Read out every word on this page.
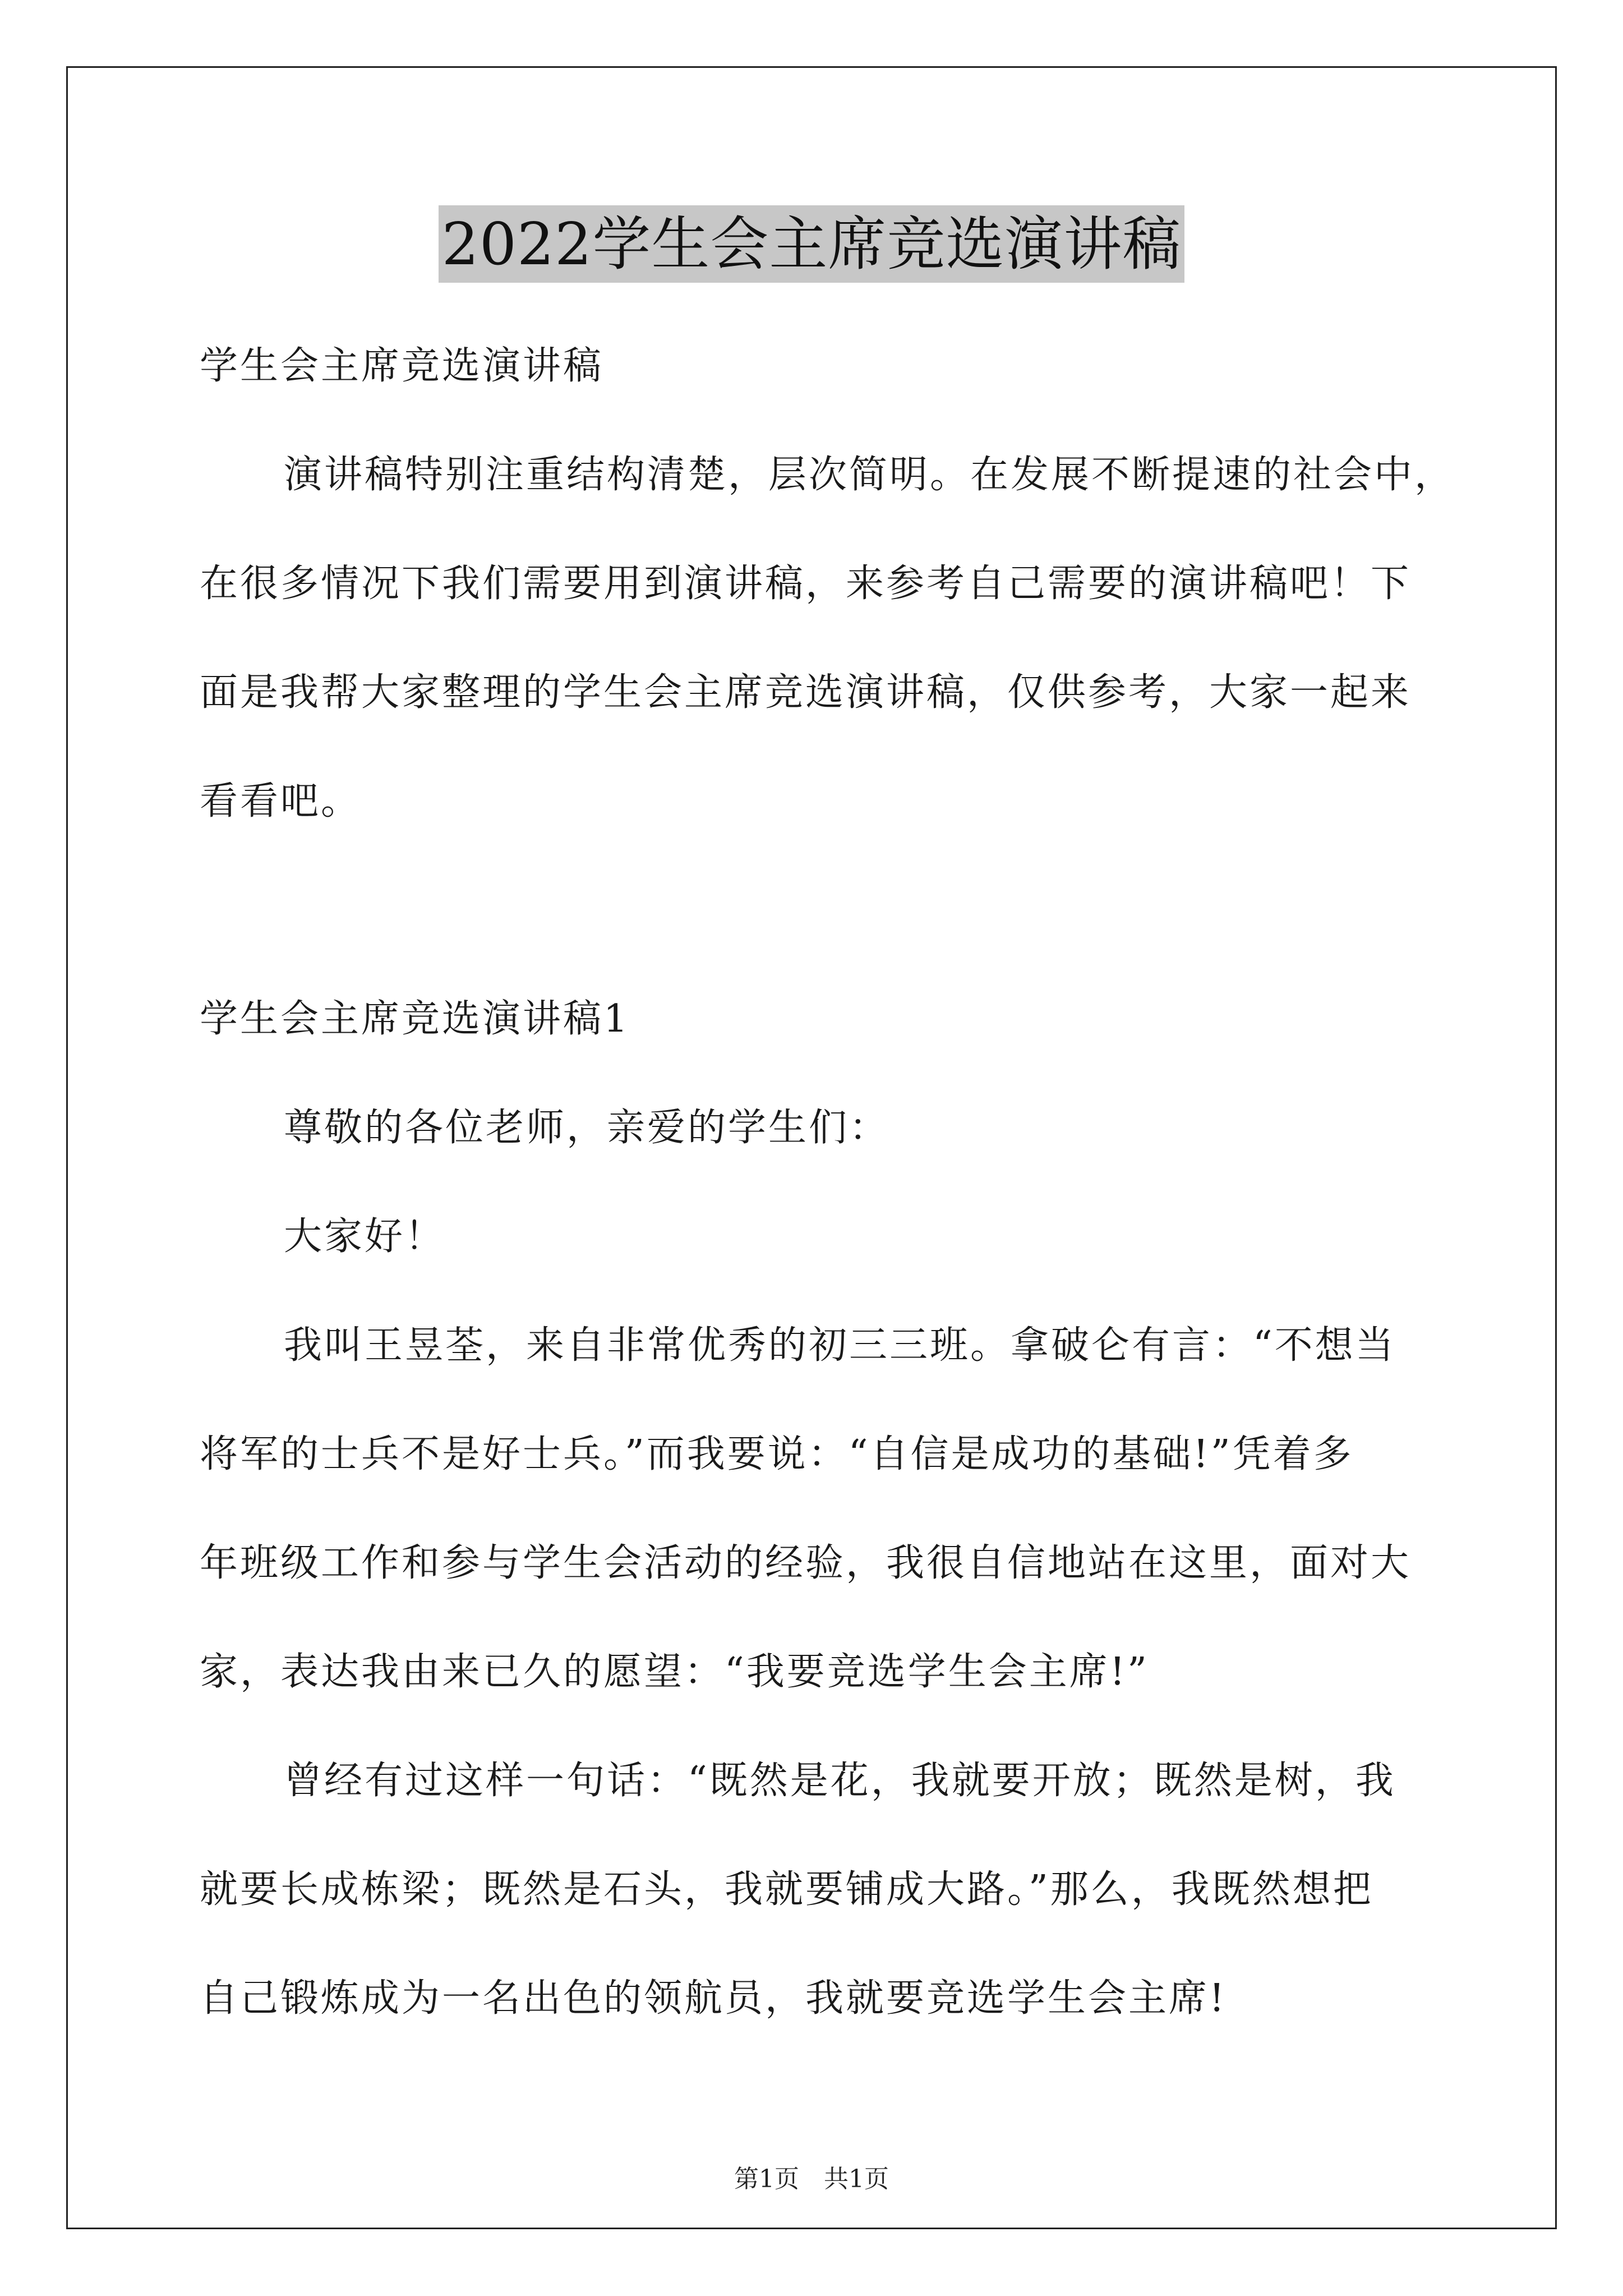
2022学生会主席竞选演讲稿
学生会主席竞选演讲稿
演讲稿特别注重结构清楚，层次简明。在发展不断提速的社会中，
在很多情况下我们需要用到演讲稿，来参考自己需要的演讲稿吧！下
面是我帮大家整理的学生会主席竞选演讲稿，仅供参考，大家一起来
看看吧。
学生会主席竞选演讲稿1
尊敬的各位老师，亲爱的学生们：
大家好！
我叫王昱荃，来自非常优秀的初三三班。拿破仑有言：“不想当
将军的士兵不是好士兵。”而我要说：“自信是成功的基础!”凭着多
年班级工作和参与学生会活动的经验，我很自信地站在这里，面对大
家，表达我由来已久的愿望：“我要竞选学生会主席!”
曾经有过这样一句话：“既然是花，我就要开放；既然是树，我
就要长成栋梁；既然是石头，我就要铺成大路。”那么，我既然想把
自己锻炼成为一名出色的领航员，我就要竞选学生会主席!
第1页　共1页
